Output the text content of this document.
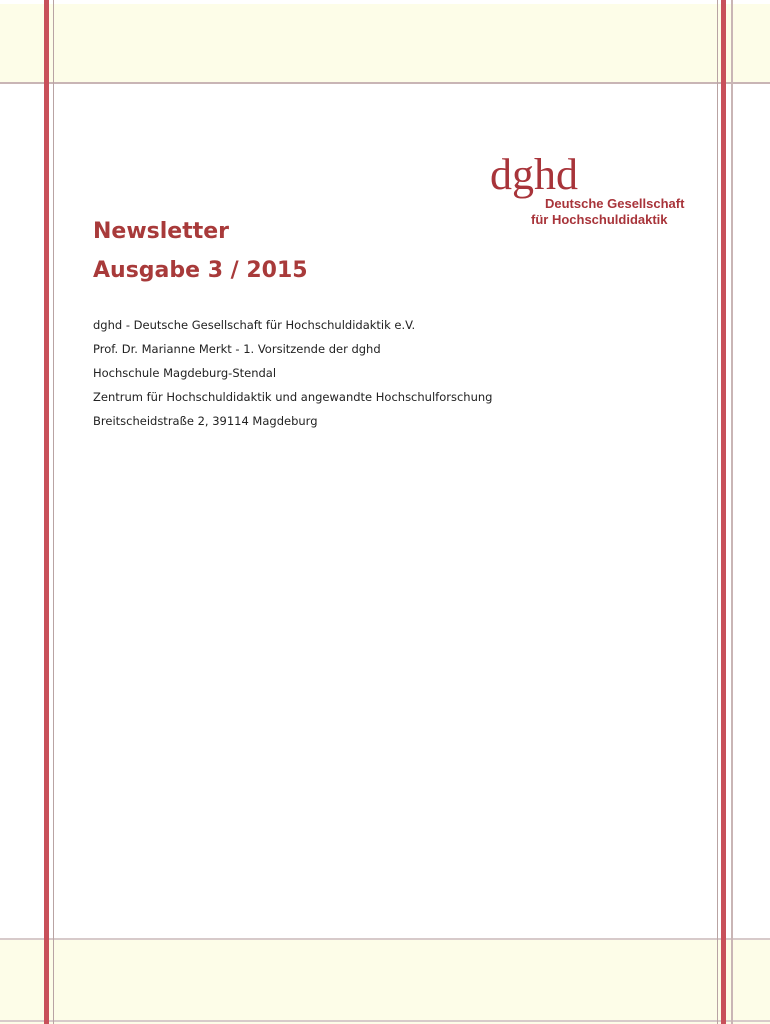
dghd
Deutsche Gesellschaft
für Hochschuldidaktik
Newsletter
Ausgabe 3 / 2015
dghd - Deutsche Gesellschaft für Hochschuldidaktik e.V.
Prof. Dr. Marianne Merkt - 1. Vorsitzende der dghd
Hochschule Magdeburg-Stendal
Zentrum für Hochschuldidaktik und angewandte Hochschulforschung
Breitscheidstraße 2, 39114 Magdeburg
